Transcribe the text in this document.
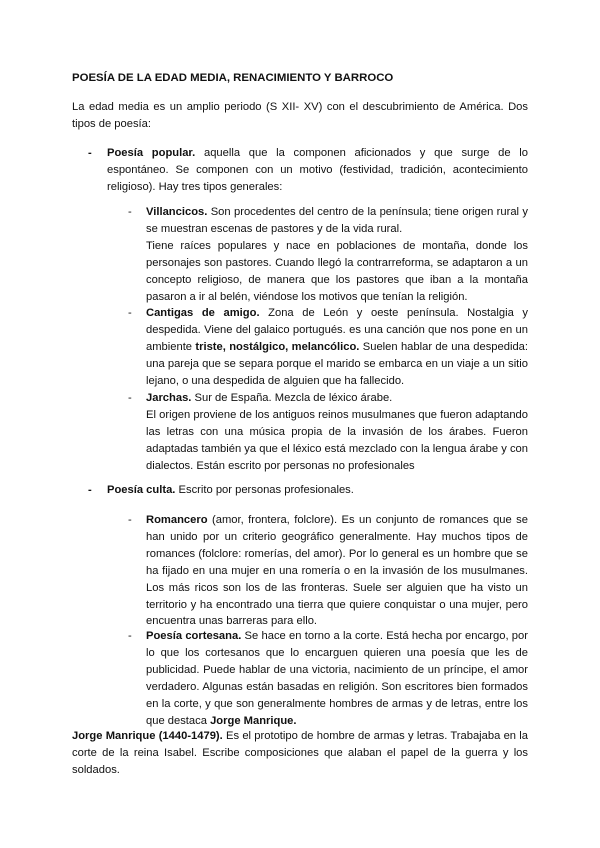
POESÍA DE LA EDAD MEDIA, RENACIMIENTO Y BARROCO

La edad media es un amplio periodo (S XII- XV) con el descubrimiento de América. Dos tipos de poesía:

- Poesía popular. aquella que la componen aficionados y que surge de lo espontáneo. Se componen con un motivo (festividad, tradición, acontecimiento religioso). Hay tres tipos generales:

- Villancicos. Son procedentes del centro de la península; tiene origen rural y se muestran escenas de pastores y de la vida rural.

Tiene raíces populares y nace en poblaciones de montaña, donde los personajes son pastores. Cuando llegó la contrarreforma, se adaptaron a un concepto religioso, de manera que los pastores que iban a la montaña pasaron a ir al belén, viéndose los motivos que tenían la religión.

- Cantigas de amigo. Zona de León y oeste península. Nostalgia y despedida. Viene del galaico portugués. es una canción que nos pone en un ambiente triste, nostálgico, melancólico. Suelen hablar de una despedida: una pareja que se separa porque el marido se embarca en un viaje a un sitio lejano, o una despedida de alguien que ha fallecido.

- Jarchas. Sur de España. Mezcla de léxico árabe.

El origen proviene de los antiguos reinos musulmanes que fueron adaptando las letras con una música propia de la invasión de los árabes. Fueron adaptadas también ya que el léxico está mezclado con la lengua árabe y con dialectos. Están escrito por personas no profesionales

- Poesía culta. Escrito por personas profesionales.

- Romancero (amor, frontera, folclore). Es un conjunto de romances que se han unido por un criterio geográfico generalmente. Hay muchos tipos de romances (folclore: romerías, del amor). Por lo general es un hombre que se ha fijado en una mujer en una romería o en la invasión de los musulmanes. Los más ricos son los de las fronteras. Suele ser alguien que ha visto un territorio y ha encontrado una tierra que quiere conquistar o una mujer, pero encuentra unas barreras para ello.

- Poesía cortesana. Se hace en torno a la corte. Está hecha por encargo, por lo que los cortesanos que lo encarguen quieren una poesía que les de publicidad. Puede hablar de una victoria, nacimiento de un príncipe, el amor verdadero. Algunas están basadas en religión. Son escritores bien formados en la corte, y que son generalmente hombres de armas y de letras, entre los que destaca Jorge Manrique.

Jorge Manrique (1440-1479). Es el prototipo de hombre de armas y letras. Trabajaba en la corte de la reina Isabel. Escribe composiciones que alaban el papel de la guerra y los soldados.
